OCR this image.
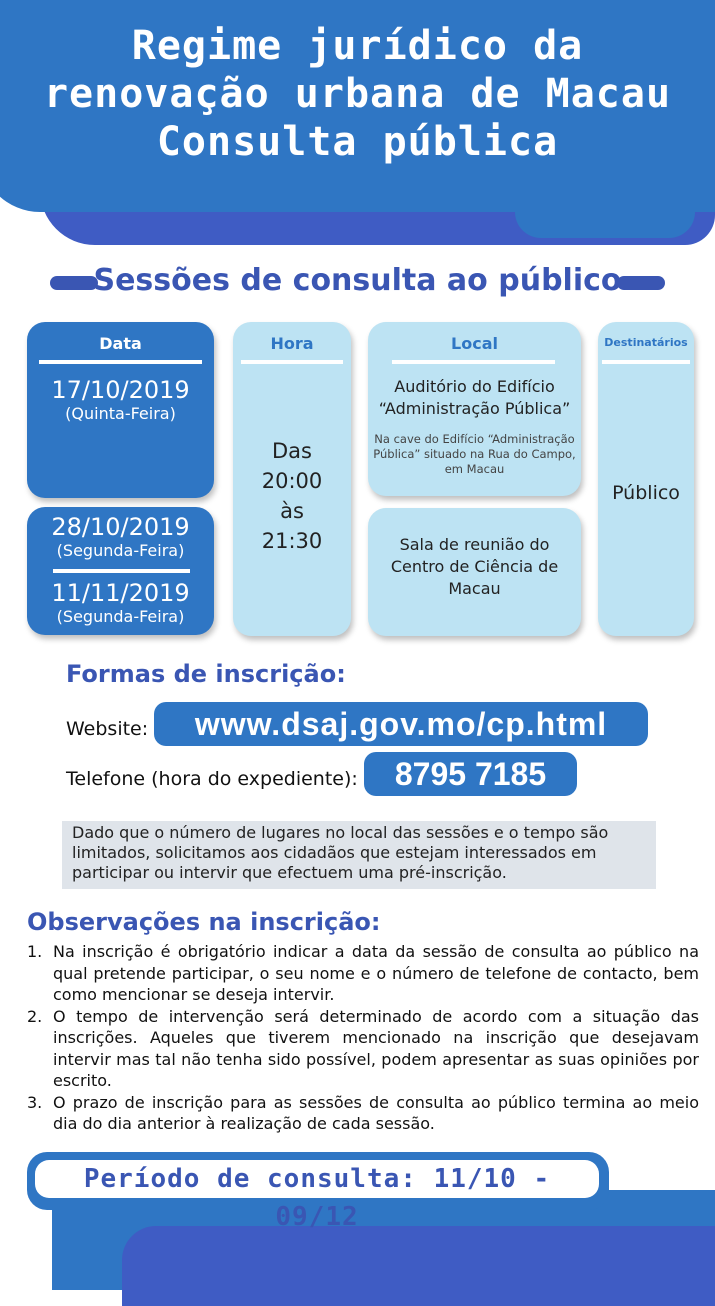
Regime jurídico da
renovação urbana de Macau
Consulta pública
Sessões de consulta ao público
Data
17/10/2019
(Quinta-Feira)
28/10/2019
(Segunda-Feira)
11/11/2019
(Segunda-Feira)
Hora
Das
20:00
às
21:30
Local
Auditório do Edifício “Administração Pública”
Na cave do Edifício “Administração Pública” situado na Rua do Campo, em Macau
Sala de reunião do Centro de Ciência de Macau
Destinatários
Público
Formas de inscrição:
Website:	www.dsaj.gov.mo/cp.html
Telefone (hora do expediente):	8795 7185
Dado que o número de lugares no local das sessões e o tempo são limitados, solicitamos aos cidadãos que estejam interessados em participar ou intervir que efectuem uma pré-inscrição.
Observações na inscrição:
1. Na inscrição é obrigatório indicar a data da sessão de consulta ao público na qual pretende participar, o seu nome e o número de telefone de contacto, bem como mencionar se deseja intervir.
2. O tempo de intervenção será determinado de acordo com a situação das inscrições. Aqueles que tiverem mencionado na inscrição que desejavam intervir mas tal não tenha sido possível, podem apresentar as suas opiniões por escrito.
3. O prazo de inscrição para as sessões de consulta ao público termina ao meio dia do dia anterior à realização de cada sessão.
Período de consulta: 11/10 - 09/12
